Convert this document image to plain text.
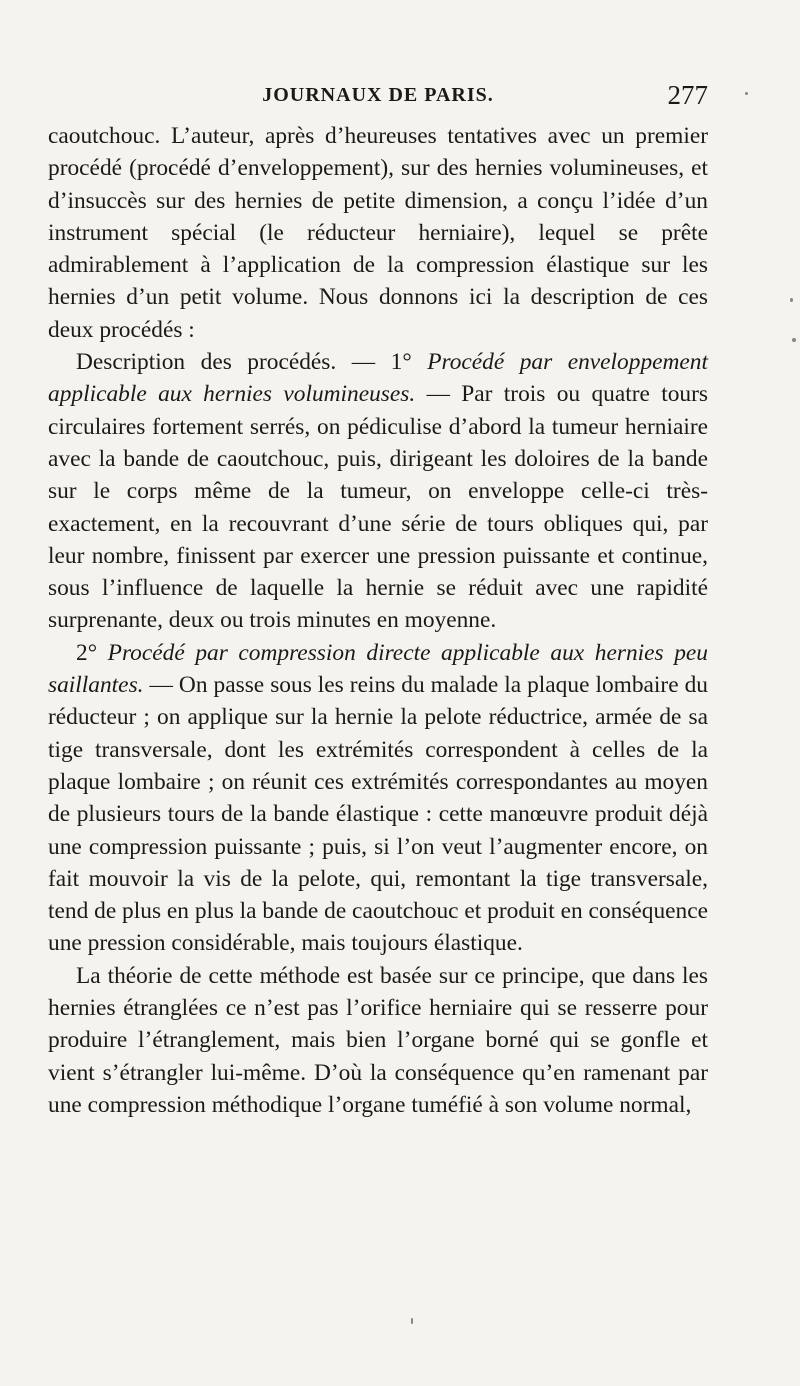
JOURNAUX DE PARIS.	277

caoutchouc. L’auteur, après d’heureuses tentatives avec un premier procédé (procédé d’enveloppement), sur des hernies volumineuses, et d’insuccès sur des hernies de petite dimension, a conçu l’idée d’un instrument spécial (le réducteur herniaire), lequel se prête admirablement à l’application de la compression élastique sur les hernies d’un petit volume. Nous donnons ici la description de ces deux procédés :

Description des procédés. — 1° Procédé par enveloppement applicable aux hernies volumineuses. — Par trois ou quatre tours circulaires fortement serrés, on pédiculise d’abord la tumeur herniaire avec la bande de caoutchouc, puis, dirigeant les doloires de la bande sur le corps même de la tumeur, on enveloppe celle-ci très-exactement, en la recouvrant d’une série de tours obliques qui, par leur nombre, finissent par exercer une pression puissante et continue, sous l’influence de laquelle la hernie se réduit avec une rapidité surprenante, deux ou trois minutes en moyenne.

2° Procédé par compression directe applicable aux hernies peu saillantes. — On passe sous les reins du malade la plaque lombaire du réducteur ; on applique sur la hernie la pelote réductrice, armée de sa tige transversale, dont les extrémités correspondent à celles de la plaque lombaire ; on réunit ces extrémités correspondantes au moyen de plusieurs tours de la bande élastique : cette manœuvre produit déjà une compression puissante ; puis, si l’on veut l’augmenter encore, on fait mouvoir la vis de la pelote, qui, remontant la tige transversale, tend de plus en plus la bande de caoutchouc et produit en conséquence une pression considérable, mais toujours élastique.

La théorie de cette méthode est basée sur ce principe, que dans les hernies étranglées ce n’est pas l’orifice herniaire qui se resserre pour produire l’étranglement, mais bien l’organe borné qui se gonfle et vient s’étrangler lui-même. D’où la conséquence qu’en ramenant par une compression méthodique l’organe tuméfié à son volume normal,
